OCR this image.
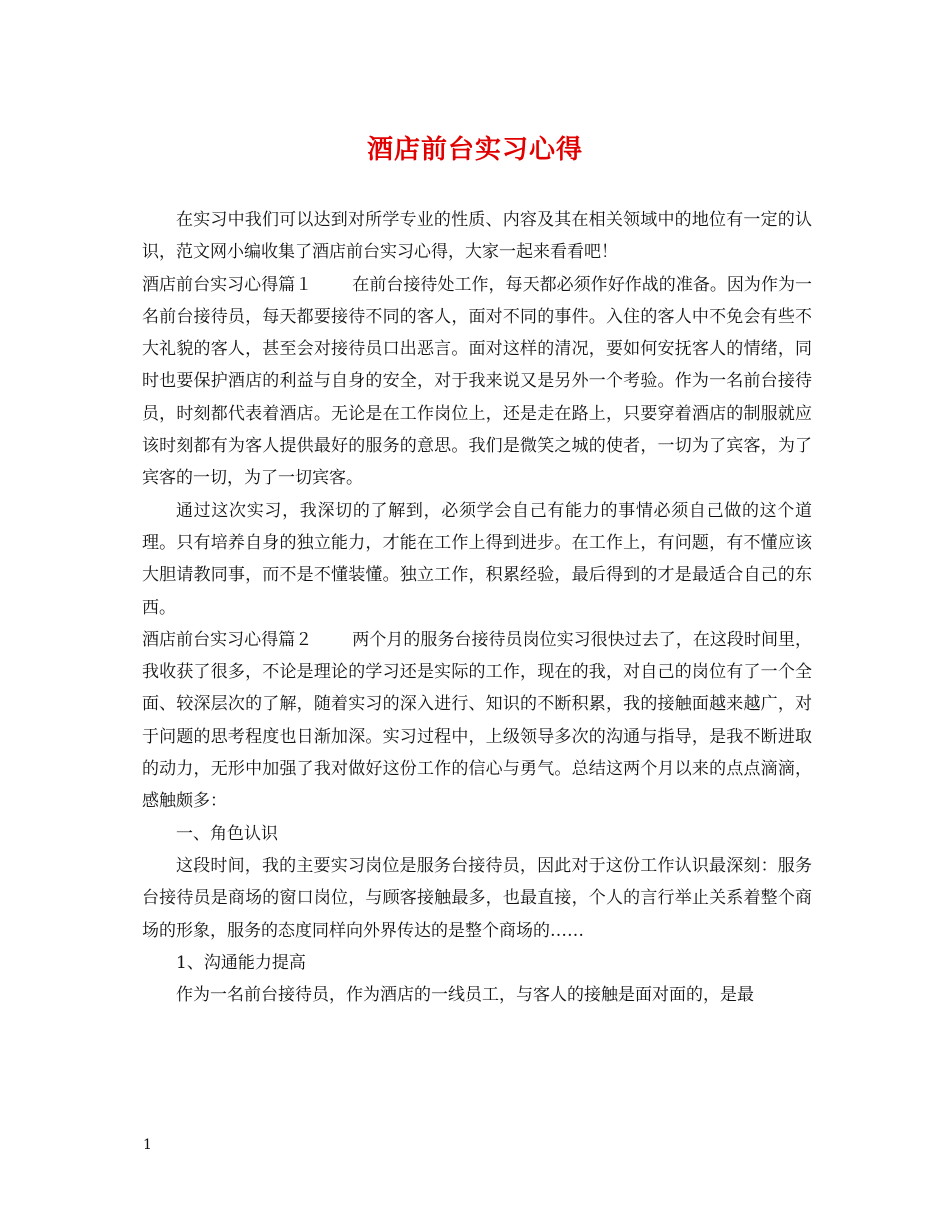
酒店前台实习心得

在实习中我们可以达到对所学专业的性质、内容及其在相关领域中的地位有一定的认识，范文网小编收集了酒店前台实习心得，大家一起来看看吧！

酒店前台实习心得篇１ 在前台接待处工作，每天都必须作好作战的准备。因为作为一名前台接待员，每天都要接待不同的客人，面对不同的事件。入住的客人中不免会有些不大礼貌的客人，甚至会对接待员口出恶言。面对这样的清况，要如何安抚客人的情绪，同时也要保护酒店的利益与自身的安全，对于我来说又是另外一个考验。作为一名前台接待员，时刻都代表着酒店。无论是在工作岗位上，还是走在路上，只要穿着酒店的制服就应该时刻都有为客人提供最好的服务的意思。我们是微笑之城的使者，一切为了宾客，为了宾客的一切，为了一切宾客。

通过这次实习，我深切的了解到，必须学会自己有能力的事情必须自己做的这个道理。只有培养自身的独立能力，才能在工作上得到进步。在工作上，有问题，有不懂应该大胆请教同事，而不是不懂装懂。独立工作，积累经验，最后得到的才是最适合自己的东西。

酒店前台实习心得篇２ 两个月的服务台接待员岗位实习很快过去了，在这段时间里，我收获了很多，不论是理论的学习还是实际的工作，现在的我，对自己的岗位有了一个全面、较深层次的了解，随着实习的深入进行、知识的不断积累，我的接触面越来越广，对于问题的思考程度也日渐加深。实习过程中，上级领导多次的沟通与指导，是我不断进取的动力，无形中加强了我对做好这份工作的信心与勇气。总结这两个月以来的点点滴滴，感触颇多：

一、角色认识

这段时间，我的主要实习岗位是服务台接待员，因此对于这份工作认识最深刻：服务台接待员是商场的窗口岗位，与顾客接触最多，也最直接，个人的言行举止关系着整个商场的形象，服务的态度同样向外界传达的是整个商场的……

1、沟通能力提高

作为一名前台接待员，作为酒店的一线员工，与客人的接触是面对面的，是最

1
